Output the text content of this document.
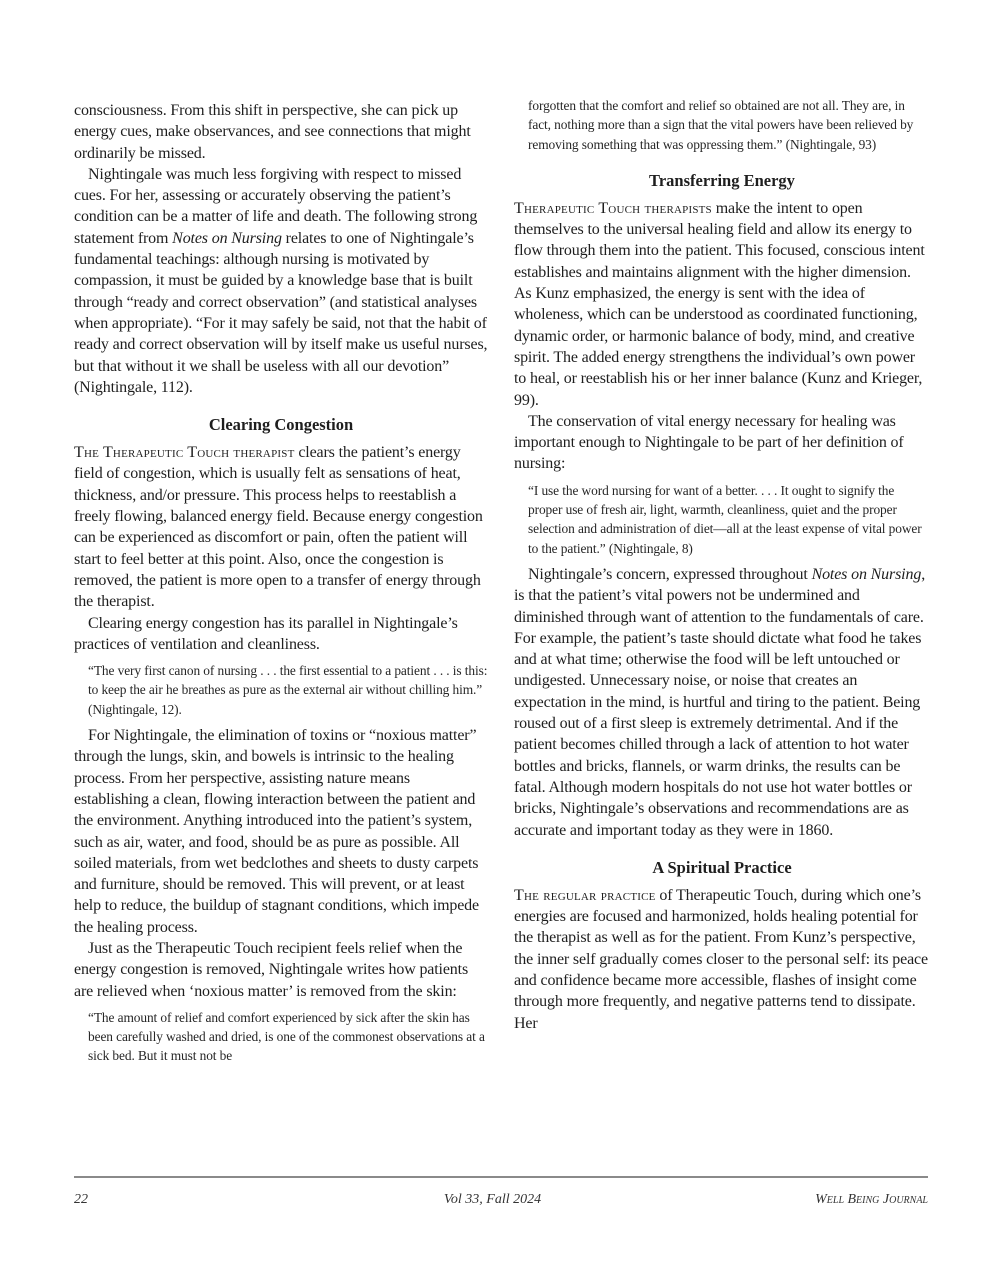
consciousness. From this shift in perspective, she can pick up energy cues, make observances, and see connections that might ordinarily be missed.

Nightingale was much less forgiving with respect to missed cues. For her, assessing or accurately observing the patient’s condition can be a matter of life and death. The following strong statement from Notes on Nursing relates to one of Nightingale’s fundamental teachings: although nursing is motivated by compassion, it must be guided by a knowledge base that is built through “ready and correct observation” (and statistical analyses when appropriate). “For it may safely be said, not that the habit of ready and correct observation will by itself make us useful nurses, but that without it we shall be useless with all our devotion” (Nightingale, 112).

Clearing Congestion

The Therapeutic Touch therapist clears the patient’s energy field of congestion, which is usually felt as sensations of heat, thickness, and/or pressure. This process helps to reestablish a freely flowing, balanced energy field. Because energy congestion can be experienced as discomfort or pain, often the patient will start to feel better at this point. Also, once the congestion is removed, the patient is more open to a transfer of energy through the therapist.

Clearing energy congestion has its parallel in Nightingale’s practices of ventilation and cleanliness.

“The very first canon of nursing . . . the first essential to a patient . . . is this: to keep the air he breathes as pure as the external air without chilling him.” (Nightingale, 12).

For Nightingale, the elimination of toxins or “noxious matter” through the lungs, skin, and bowels is intrinsic to the healing process. From her perspective, assisting nature means establishing a clean, flowing interaction between the patient and the environment. Anything introduced into the patient’s system, such as air, water, and food, should be as pure as possible. All soiled materials, from wet bedclothes and sheets to dusty carpets and furniture, should be removed. This will prevent, or at least help to reduce, the buildup of stagnant conditions, which impede the healing process.

Just as the Therapeutic Touch recipient feels relief when the energy congestion is removed, Nightingale writes how patients are relieved when ‘noxious matter’ is removed from the skin:

“The amount of relief and comfort experienced by sick after the skin has been carefully washed and dried, is one of the commonest observations at a sick bed. But it must not be

forgotten that the comfort and relief so obtained are not all. They are, in fact, nothing more than a sign that the vital powers have been relieved by removing something that was oppressing them.” (Nightingale, 93)

Transferring Energy

Therapeutic Touch therapists make the intent to open themselves to the universal healing field and allow its energy to flow through them into the patient. This focused, conscious intent establishes and maintains alignment with the higher dimension. As Kunz emphasized, the energy is sent with the idea of wholeness, which can be understood as coordinated functioning, dynamic order, or harmonic balance of body, mind, and creative spirit. The added energy strengthens the individual’s own power to heal, or reestablish his or her inner balance (Kunz and Krieger, 99).

The conservation of vital energy necessary for healing was important enough to Nightingale to be part of her definition of nursing:

“I use the word nursing for want of a better. . . . It ought to signify the proper use of fresh air, light, warmth, cleanliness, quiet and the proper selection and administration of diet—all at the least expense of vital power to the patient.” (Nightingale, 8)

Nightingale’s concern, expressed throughout Notes on Nursing, is that the patient’s vital powers not be undermined and diminished through want of attention to the fundamentals of care. For example, the patient’s taste should dictate what food he takes and at what time; otherwise the food will be left untouched or undigested. Unnecessary noise, or noise that creates an expectation in the mind, is hurtful and tiring to the patient. Being roused out of a first sleep is extremely detrimental. And if the patient becomes chilled through a lack of attention to hot water bottles and bricks, flannels, or warm drinks, the results can be fatal. Although modern hospitals do not use hot water bottles or bricks, Nightingale’s observations and recommendations are as accurate and important today as they were in 1860.

A Spiritual Practice

The regular practice of Therapeutic Touch, during which one’s energies are focused and harmonized, holds healing potential for the therapist as well as for the patient. From Kunz’s perspective, the inner self gradually comes closer to the personal self: its peace and confidence became more accessible, flashes of insight come through more frequently, and negative patterns tend to dissipate. Her

22	Vol 33, Fall 2024	Well Being Journal
